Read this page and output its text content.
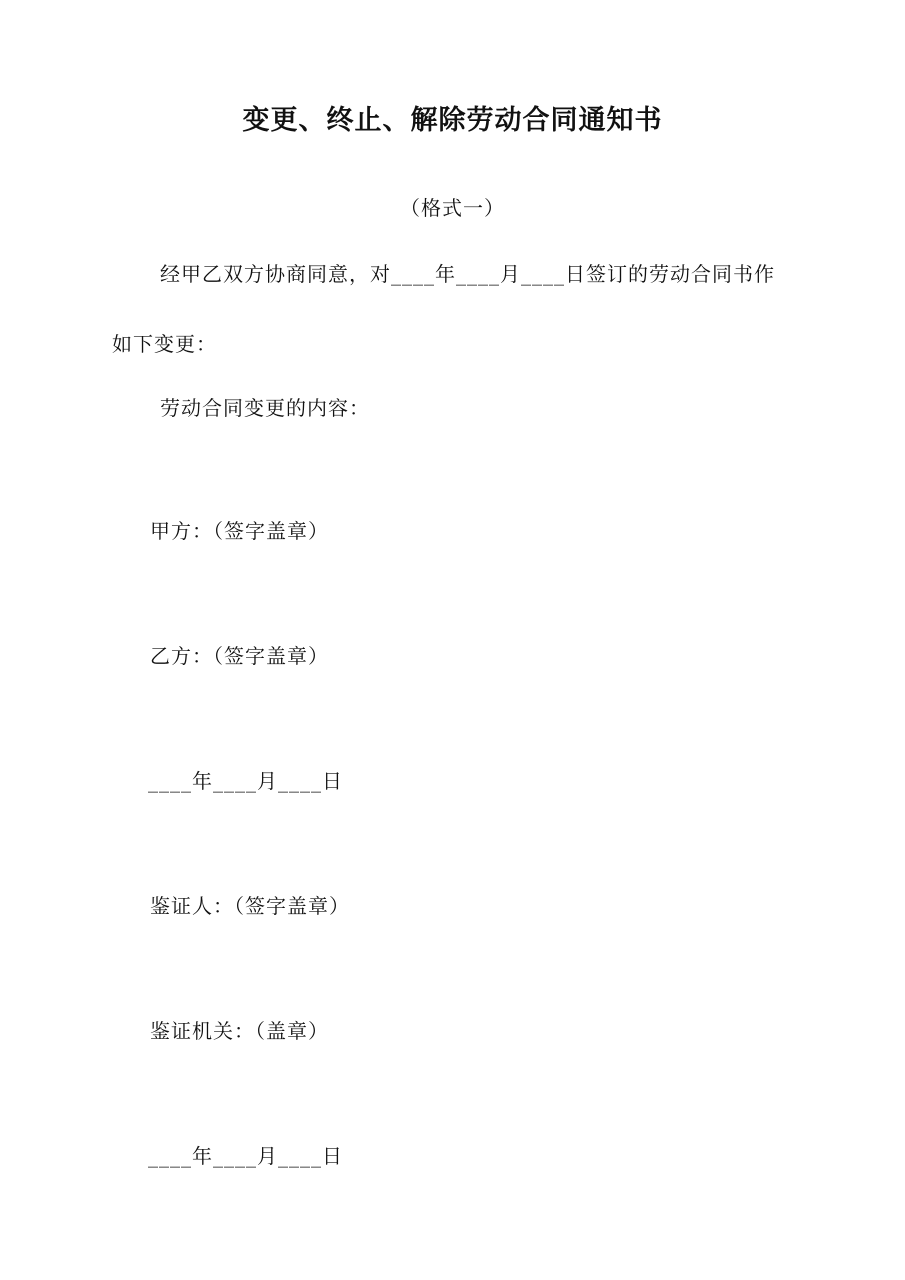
变更、终止、解除劳动合同通知书
（格式一）
经甲乙双方协商同意，对____年____月____日签订的劳动合同书作
如下变更：
劳动合同变更的内容：
甲方：（签字盖章）
乙方：（签字盖章）
____年____月____日
鉴证人：（签字盖章）
鉴证机关：（盖章）
____年____月____日
